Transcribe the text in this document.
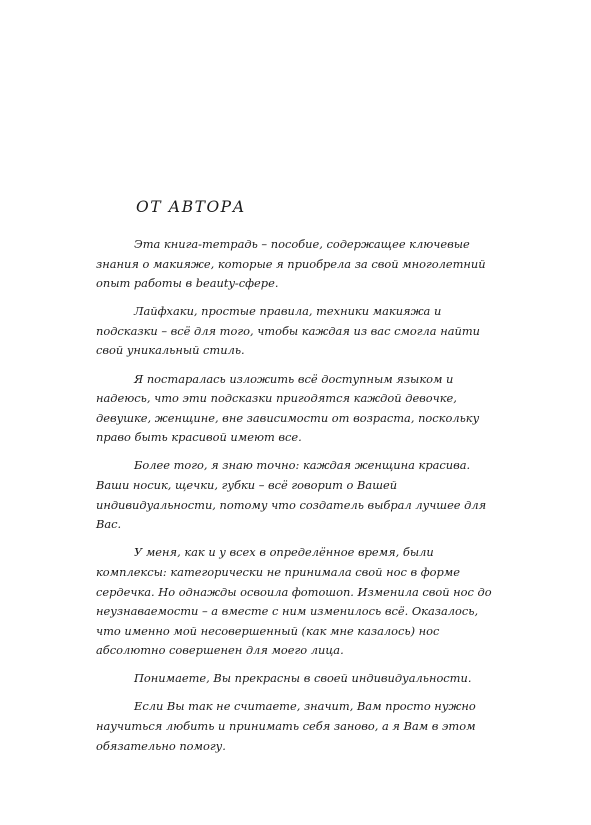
ОТ АВТОРА

Эта книга-тетрадь – пособие, содержащее ключевые знания о макияже, которые я приобрела за свой многолетний опыт работы в beauty-сфере.

Лайфхаки, простые правила, техники макияжа и подсказки – всё для того, чтобы каждая из вас смогла найти свой уникальный стиль.

Я постаралась изложить всё доступным языком и надеюсь, что эти подсказки пригодятся каждой девочке, девушке, женщине, вне зависимости от возраста, поскольку право быть красивой имеют все.

Более того, я знаю точно: каждая женщина красива. Ваши носик, щечки, губки – всё говорит о Вашей индивидуальности, потому что создатель выбрал лучшее для Вас.

У меня, как и у всех в определённое время, были комплексы: категорически не принимала свой нос в форме сердечка. Но однажды освоила фотошоп. Изменила свой нос до неузнаваемости – а вместе с ним изменилось всё. Оказалось, что именно мой несовершенный (как мне казалось) нос абсолютно совершенен для моего лица.

Понимаете, Вы прекрасны в своей индивидуальности.

Если Вы так не считаете, значит, Вам просто нужно научиться любить и принимать себя заново, а я Вам в этом обязательно помогу.
